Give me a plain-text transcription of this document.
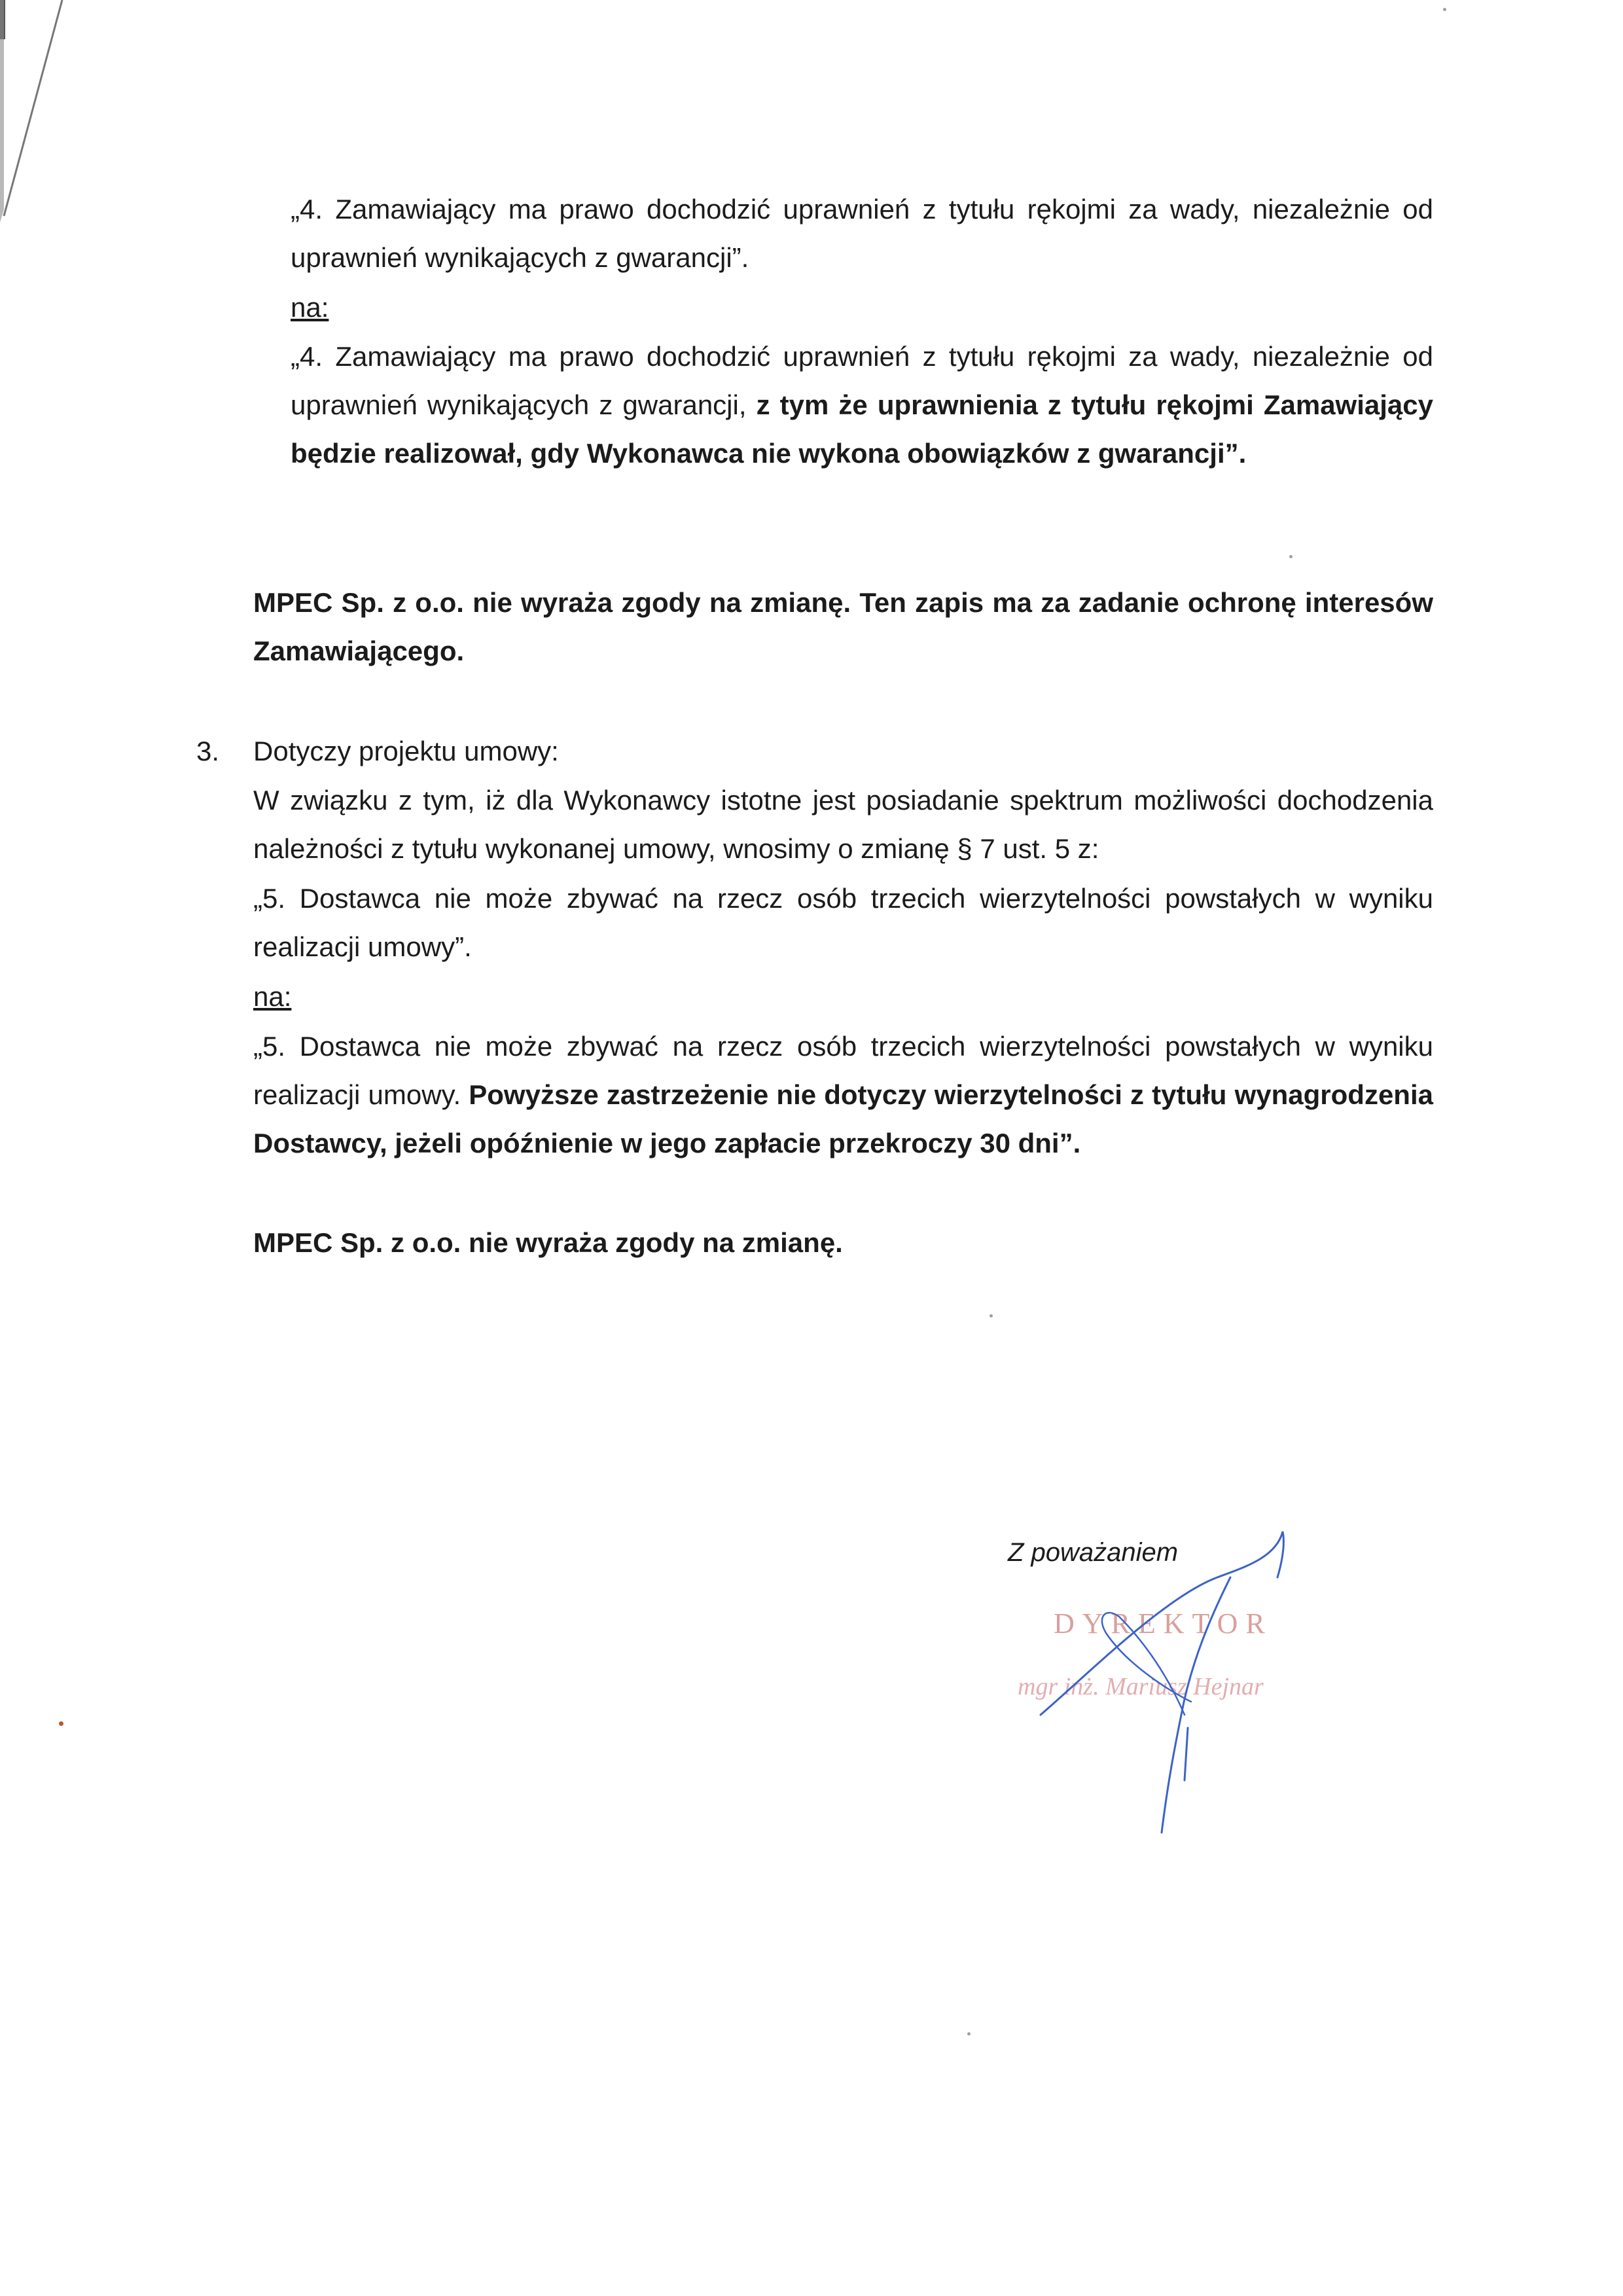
„4. Zamawiający ma prawo dochodzić uprawnień z tytułu rękojmi za wady, niezależnie od uprawnień wynikających z gwarancji”.

na:

„4. Zamawiający ma prawo dochodzić uprawnień z tytułu rękojmi za wady, niezależnie od uprawnień wynikających z gwarancji, z tym że uprawnienia z tytułu rękojmi Zamawiający będzie realizował, gdy Wykonawca nie wykona obowiązków z gwarancji”.

MPEC Sp. z o.o. nie wyraża zgody na zmianę. Ten zapis ma za zadanie ochronę interesów Zamawiającego.

3.	Dotyczy projektu umowy:

W związku z tym, iż dla Wykonawcy istotne jest posiadanie spektrum możliwości dochodzenia należności z tytułu wykonanej umowy, wnosimy o zmianę § 7 ust. 5 z:

„5. Dostawca nie może zbywać na rzecz osób trzecich wierzytelności powstałych w wyniku realizacji umowy”.

na:

„5. Dostawca nie może zbywać na rzecz osób trzecich wierzytelności powstałych w wyniku realizacji umowy. Powyższe zastrzeżenie nie dotyczy wierzytelności z tytułu wynagrodzenia Dostawcy, jeżeli opóźnienie w jego zapłacie przekroczy 30 dni”.

MPEC Sp. z o.o. nie wyraża zgody na zmianę.

Z poważaniem
DYREKTOR
mgr inż. Mariusz Hejnar
